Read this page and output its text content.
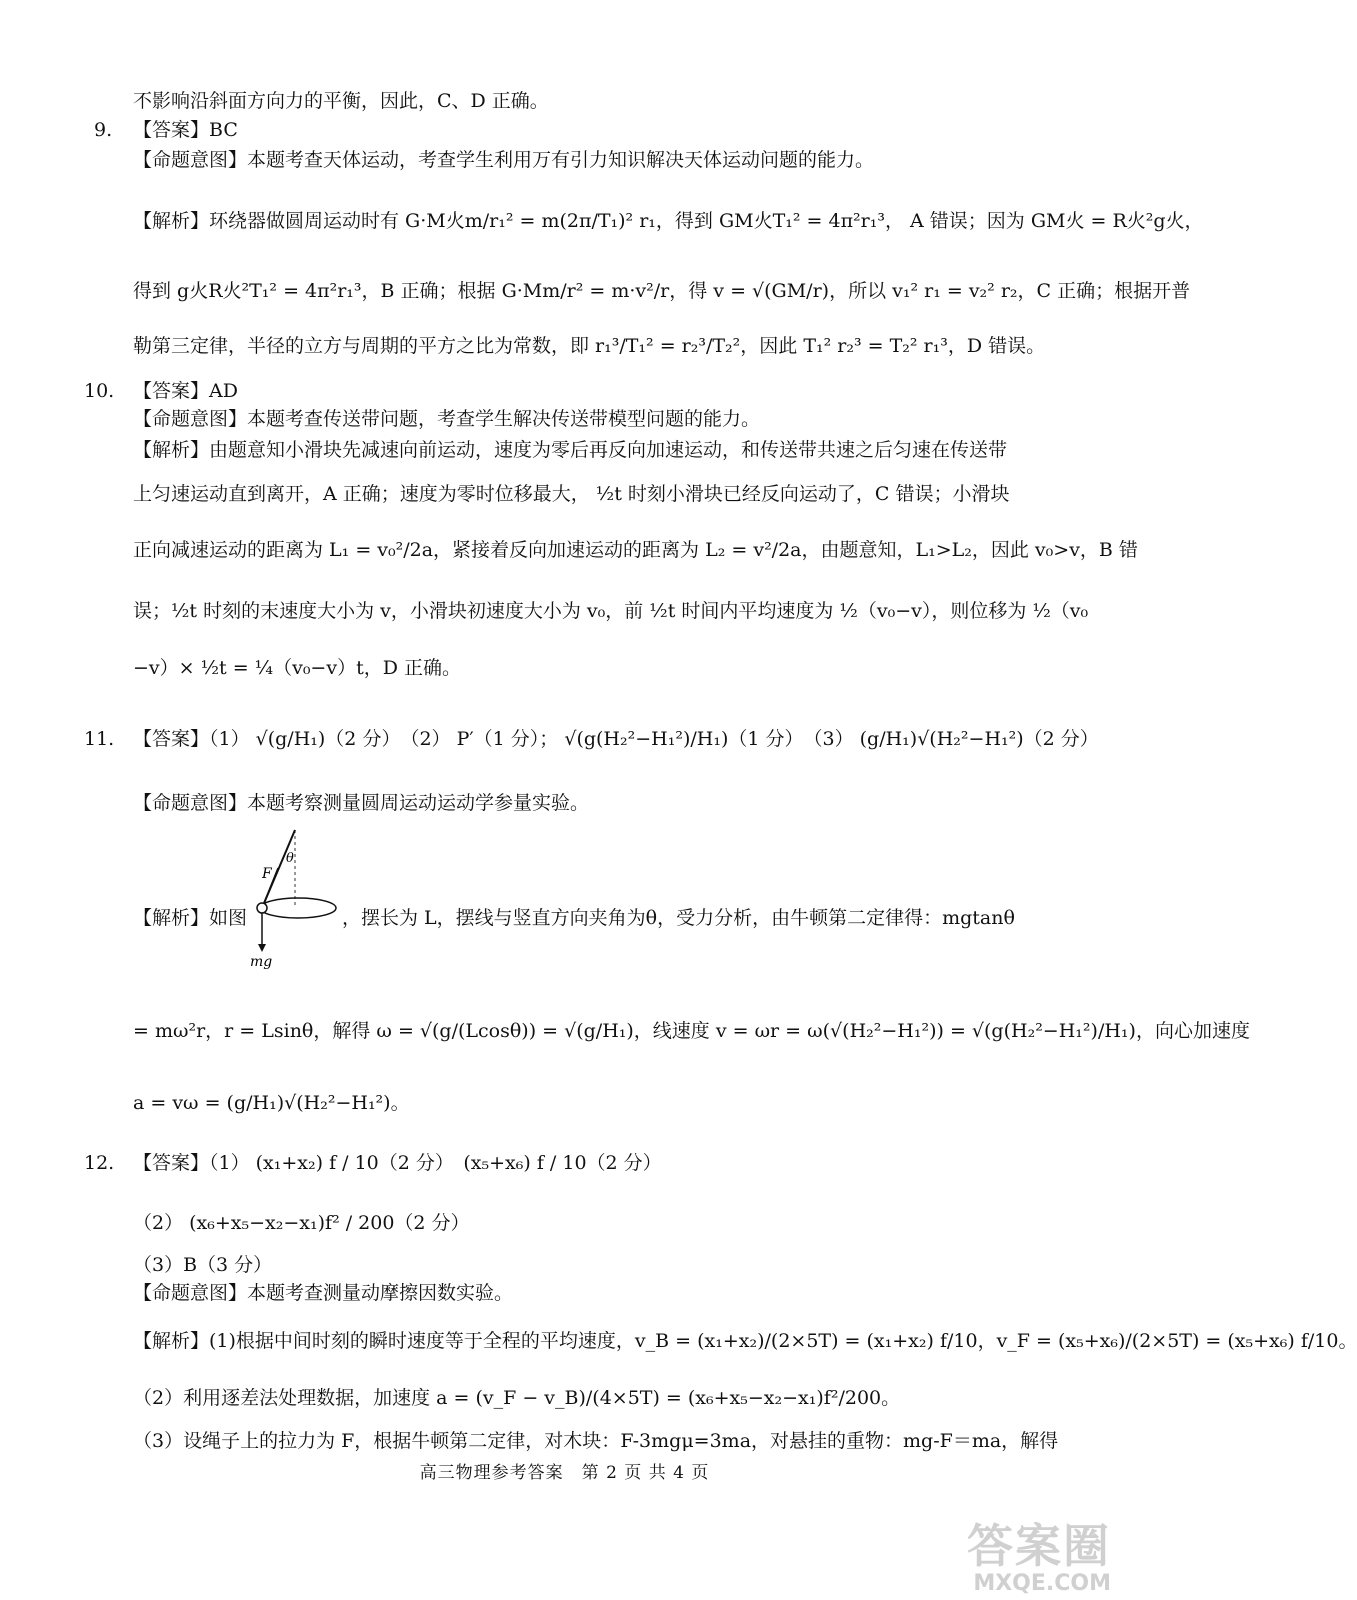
不影响沿斜面方向力的平衡，因此，C、D 正确。
9. 【答案】BC
【命题意图】本题考查天体运动，考查学生利用万有引力知识解决天体运动问题的能力。
【解析】环绕器做圆周运动时有 G·M火m/r₁² = m(2π/T₁)² r₁，得到 GM火T₁² = 4π²r₁³， A 错误；因为 GM火 = R火²g火，
得到 g火R火²T₁² = 4π²r₁³，B 正确；根据 G·Mm/r² = m·v²/r，得 v = √(GM/r)，所以 v₁² r₁ = v₂² r₂，C 正确；根据开普
勒第三定律，半径的立方与周期的平方之比为常数，即 r₁³/T₁² = r₂³/T₂²，因此 T₁² r₂³ = T₂² r₁³，D 错误。
10. 【答案】AD
【命题意图】本题考查传送带问题，考查学生解决传送带模型问题的能力。
【解析】由题意知小滑块先减速向前运动，速度为零后再反向加速运动，和传送带共速之后匀速在传送带
上匀速运动直到离开，A 正确；速度为零时位移最大， ½t 时刻小滑块已经反向运动了，C 错误；小滑块
正向减速运动的距离为 L₁ = v₀²/2a，紧接着反向加速运动的距离为 L₂ = v²/2a，由题意知，L₁>L₂，因此 v₀>v，B 错
误；½t 时刻的末速度大小为 v，小滑块初速度大小为 v₀，前 ½t 时间内平均速度为 ½（v₀−v），则位移为 ½（v₀
−v）× ½t = ¼（v₀−v）t，D 正确。
11. 【答案】（1） √(g/H₁)（2 分）　（2） P′（1 分）； √(g(H₂²−H₁²)/H₁)（1 分）　（3） (g/H₁)√(H₂²−H₁²)（2 分）
【命题意图】本题考察测量圆周运动运动学参量实验。
F
θ
mg
【解析】如图　　　　　，摆长为 L，摆线与竖直方向夹角为θ，受力分析，由牛顿第二定律得：mgtanθ
= mω²r，r = Lsinθ，解得 ω = √(g/(Lcosθ)) = √(g/H₁)，线速度 v = ωr = ω(√(H₂²−H₁²)) = √(g(H₂²−H₁²)/H₁)，向心加速度
a = vω = (g/H₁)√(H₂²−H₁²)。
12. 【答案】（1） (x₁+x₂) f / 10（2 分）　(x₅+x₆) f / 10（2 分）
（2） (x₆+x₅−x₂−x₁)f² / 200（2 分）
（3）B（3 分）
【命题意图】本题考查测量动摩擦因数实验。
【解析】(1)根据中间时刻的瞬时速度等于全程的平均速度，v_B = (x₁+x₂)/(2×5T) = (x₁+x₂) f/10，v_F = (x₅+x₆)/(2×5T) = (x₅+x₆) f/10。
（2）利用逐差法处理数据，加速度 a = (v_F − v_B)/(4×5T) = (x₆+x₅−x₂−x₁)f²/200。
（3）设绳子上的拉力为 F，根据牛顿第二定律，对木块：F-3mgμ=3ma，对悬挂的重物：mg-F＝ma，解得
高三物理参考答案　第 2 页 共 4 页
答案圈
MXQE.COM
